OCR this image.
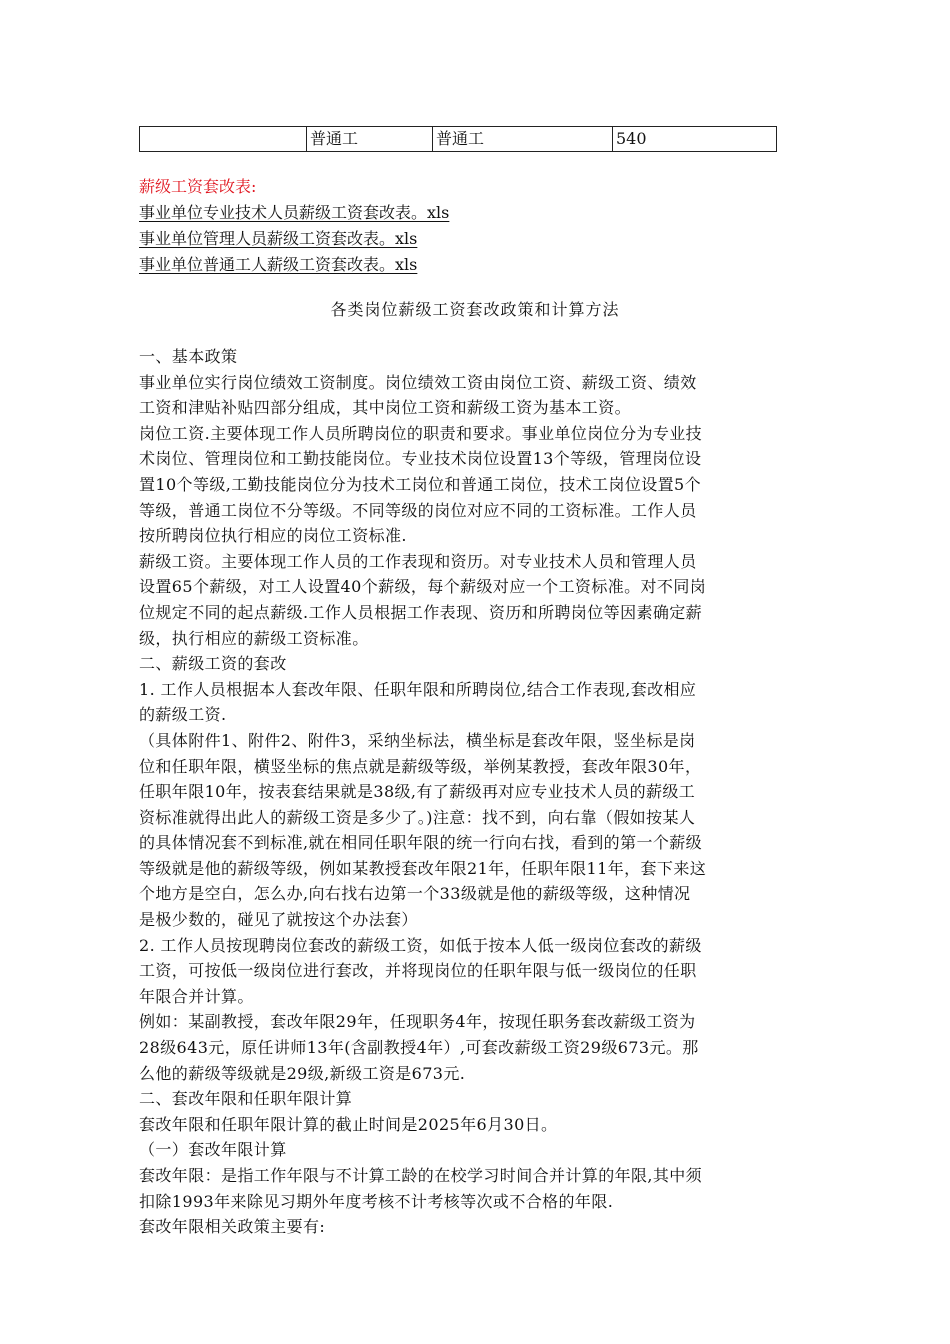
普通工	普通工	540
薪级工资套改表:
事业单位专业技术人员薪级工资套改表。xls
事业单位管理人员薪级工资套改表。xls
事业单位普通工人薪级工资套改表。xls
各类岗位薪级工资套改政策和计算方法
一、基本政策
事业单位实行岗位绩效工资制度。岗位绩效工资由岗位工资、薪级工资、绩效
工资和津贴补贴四部分组成，其中岗位工资和薪级工资为基本工资。
岗位工资.主要体现工作人员所聘岗位的职责和要求。事业单位岗位分为专业技
术岗位、管理岗位和工勤技能岗位。专业技术岗位设置13个等级，管理岗位设
置10个等级,工勤技能岗位分为技术工岗位和普通工岗位，技术工岗位设置5个
等级，普通工岗位不分等级。不同等级的岗位对应不同的工资标准。工作人员
按所聘岗位执行相应的岗位工资标准.
薪级工资。主要体现工作人员的工作表现和资历。对专业技术人员和管理人员
设置65个薪级，对工人设置40个薪级，每个薪级对应一个工资标准。对不同岗
位规定不同的起点薪级.工作人员根据工作表现、资历和所聘岗位等因素确定薪
级，执行相应的薪级工资标准。
二、薪级工资的套改
1. 工作人员根据本人套改年限、任职年限和所聘岗位,结合工作表现,套改相应
的薪级工资.
（具体附件1、附件2、附件3，采纳坐标法，横坐标是套改年限，竖坐标是岗
位和任职年限，横竖坐标的焦点就是薪级等级，举例某教授，套改年限30年，
任职年限10年，按表套结果就是38级,有了薪级再对应专业技术人员的薪级工
资标准就得出此人的薪级工资是多少了。)注意：找不到，向右靠（假如按某人
的具体情况套不到标准,就在相同任职年限的统一行向右找，看到的第一个薪级
等级就是他的薪级等级，例如某教授套改年限21年，任职年限11年，套下来这
个地方是空白，怎么办,向右找右边第一个33级就是他的薪级等级，这种情况
是极少数的，碰见了就按这个办法套）
2. 工作人员按现聘岗位套改的薪级工资，如低于按本人低一级岗位套改的薪级
工资，可按低一级岗位进行套改，并将现岗位的任职年限与低一级岗位的任职
年限合并计算。
例如：某副教授，套改年限29年，任现职务4年，按现任职务套改薪级工资为
28级643元，原任讲师13年(含副教授4年）,可套改薪级工资29级673元。那
么他的薪级等级就是29级,新级工资是673元.
二、套改年限和任职年限计算
套改年限和任职年限计算的截止时间是2025年6月30日。
（一）套改年限计算
套改年限：是指工作年限与不计算工龄的在校学习时间合并计算的年限,其中须
扣除1993年来除见习期外年度考核不计考核等次或不合格的年限.
套改年限相关政策主要有:
